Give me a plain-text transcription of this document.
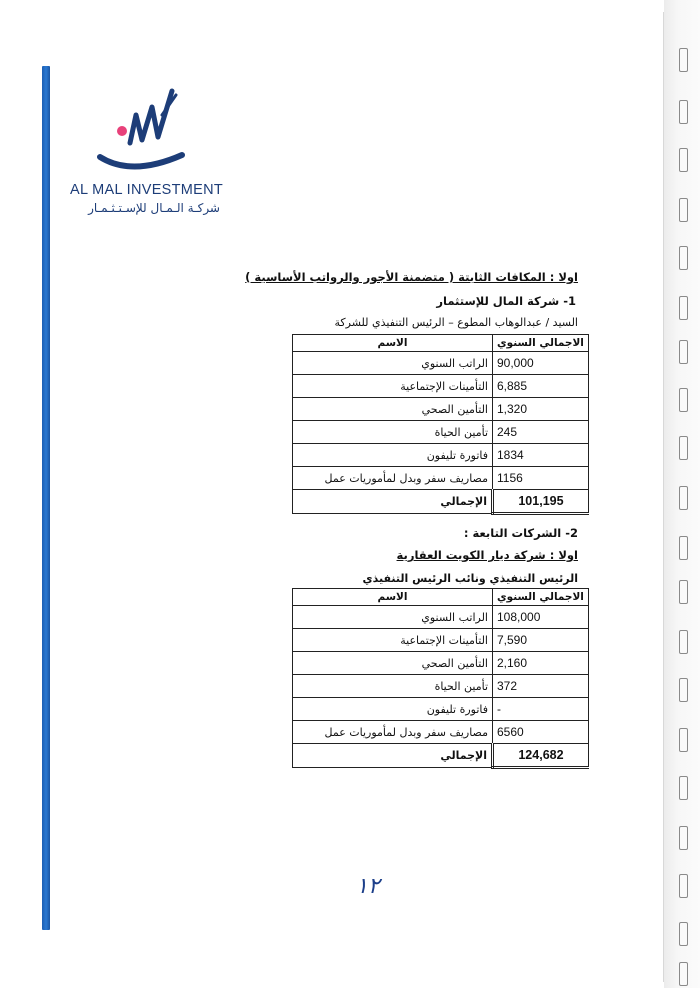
AL MAL INVESTMENT
شركـة الـمـال للإسـتـثـمـار
اولا : المكافات الثابتة ( متضمنة الأجور والرواتب الأساسية )
1- شركة المال للإستثمار
السيد / عبدالوهاب المطوع – الرئيس التنفيذي للشركة
الاجمالي السنوي	الاسم
90,000	الراتب السنوي
6,885	التأمينات الإجتماعية
1,320	التأمين الصحي
245	تأمين الحياة
1834	فاتورة تليفون
1156	مصاريف سفر وبدل لمأموريات عمل
101,195	الإجمالي
2- الشركات التابعة :
اولا : شركة ديار الكويت العقارية
الرئيس التنفيذي ونائب الرئيس التنفيذي
الاجمالي السنوي	الاسم
108,000	الراتب السنوي
7,590	التأمينات الإجتماعية
2,160	التأمين الصحي
372	تأمين الحياة
-	فاتورة تليفون
6560	مصاريف سفر وبدل لمأموريات عمل
124,682	الإجمالي
١٢
